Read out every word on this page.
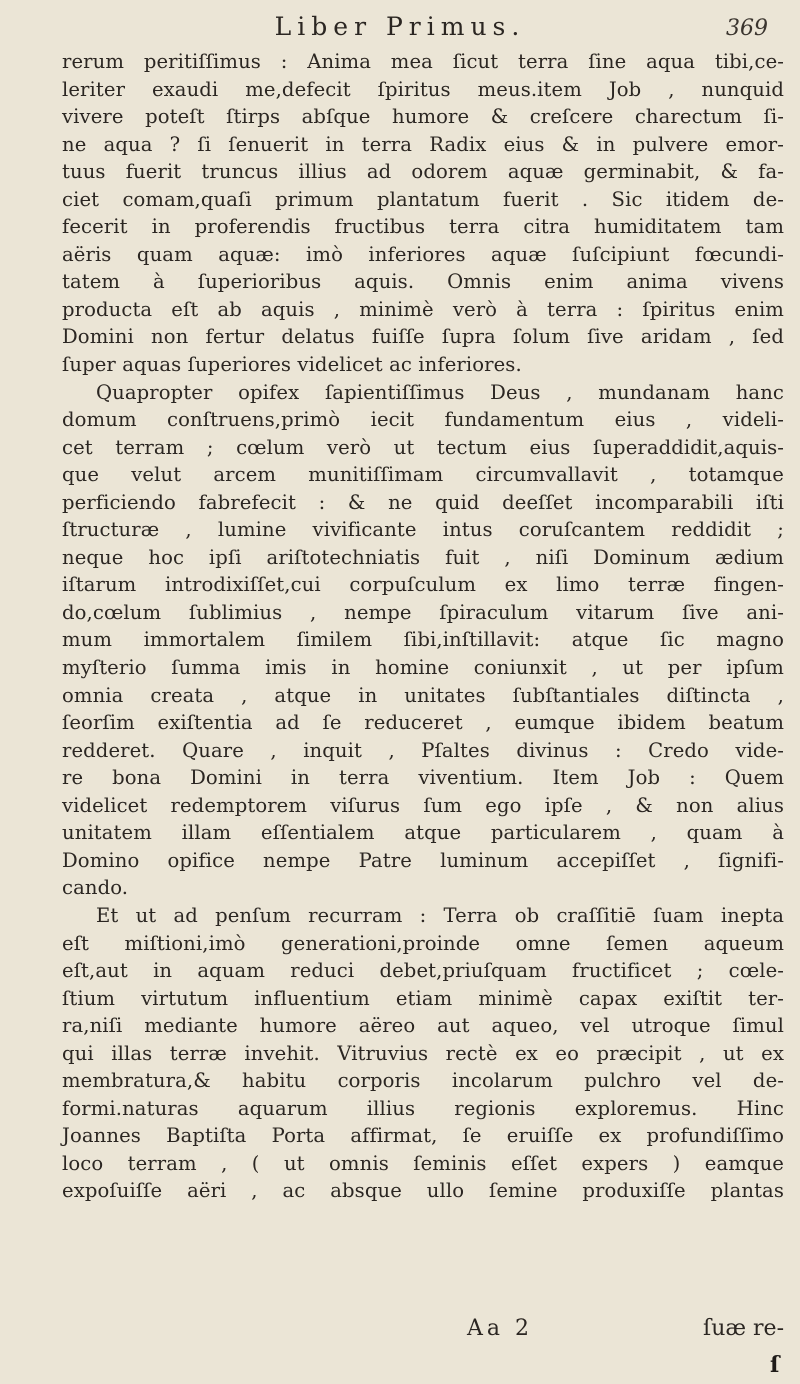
Liber Primus.	369
rerum peritiſſimus : Anima mea ſicut terra ſine aqua tibi,ce-
leriter exaudi me,defecit ſpiritus meus.item Job , nunquid
vivere poteſt ſtirps abſque humore & creſcere charectum ſi-
ne aqua ? ſi ſenuerit in terra Radix eius & in pulvere emor-
tuus fuerit truncus illius ad odorem aquæ germinabit, & fa-
ciet comam,quaſi primum plantatum fuerit . Sic itidem de-
fecerit in proferendis fructibus terra citra humiditatem tam
aëris quam aquæ: imò inferiores aquæ ſuſcipiunt fœcundi-
tatem à ſuperioribus aquis. Omnis enim anima vivens
producta eſt ab aquis , minimè verò à terra : ſpiritus enim
Domini non fertur delatus fuiſſe ſupra ſolum ſive aridam , ſed
ſuper aquas ſuperiores videlicet ac inferiores.
Quapropter opifex ſapientiſſimus Deus , mundanam hanc
domum conſtruens,primò iecit fundamentum eius , videli-
cet terram ; cœlum verò ut tectum eius ſuperaddidit,aquis-
que velut arcem munitiſſimam circumvallavit , totamque
perficiendo fabrefecit : & ne quid deeſſet incomparabili iſti
ſtructuræ , lumine vivificante intus coruſcantem reddidit ;
neque hoc ipſi ariſtotechniatis fuit , niſi Dominum ædium
iſtarum introdixiſſet,cui corpuſculum ex limo terræ fingen-
do,cœlum ſublimius , nempe ſpiraculum vitarum ſive ani-
mum immortalem ſimilem ſibi,inſtillavit: atque ſic magno
myſterio ſumma imis in homine coniunxit , ut per ipſum
omnia creata , atque in unitates ſubſtantiales diſtincta ,
ſeorſim exiſtentia ad ſe reduceret , eumque ibidem beatum
redderet. Quare , inquit , Pſaltes divinus : Credo vide-
re bona Domini in terra viventium. Item Job : Quem
videlicet redemptorem viſurus ſum ego ipſe , & non alius
unitatem illam eſſentialem atque particularem , quam à
Domino opifice nempe Patre luminum accepiſſet , ſignifi-
cando.
Et ut ad penſum recurram : Terra ob craſſitiē ſuam inepta
eſt miſtioni,imò generationi,proinde omne ſemen aqueum
eſt,aut in aquam reduci debet,priuſquam fructificet ; cœle-
ſtium virtutum influentium etiam minimè capax exiſtit ter-
ra,niſi mediante humore aëreo aut aqueo, vel utroque ſimul
qui illas terræ invehit. Vitruvius rectè ex eo præcipit , ut ex
membratura,& habitu corporis incolarum pulchro vel de-
formi.naturas aquarum illius regionis exploremus. Hinc
Joannes Baptiſta Porta affirmat, ſe eruiſſe ex profundiſſimo
loco terram , ( ut omnis ſeminis eſſet expers ) eamque
expoſuiſſe aëri , ac absque ullo ſemine produxiſſe plantas
Aa 2	ſuæ re-
ſ
